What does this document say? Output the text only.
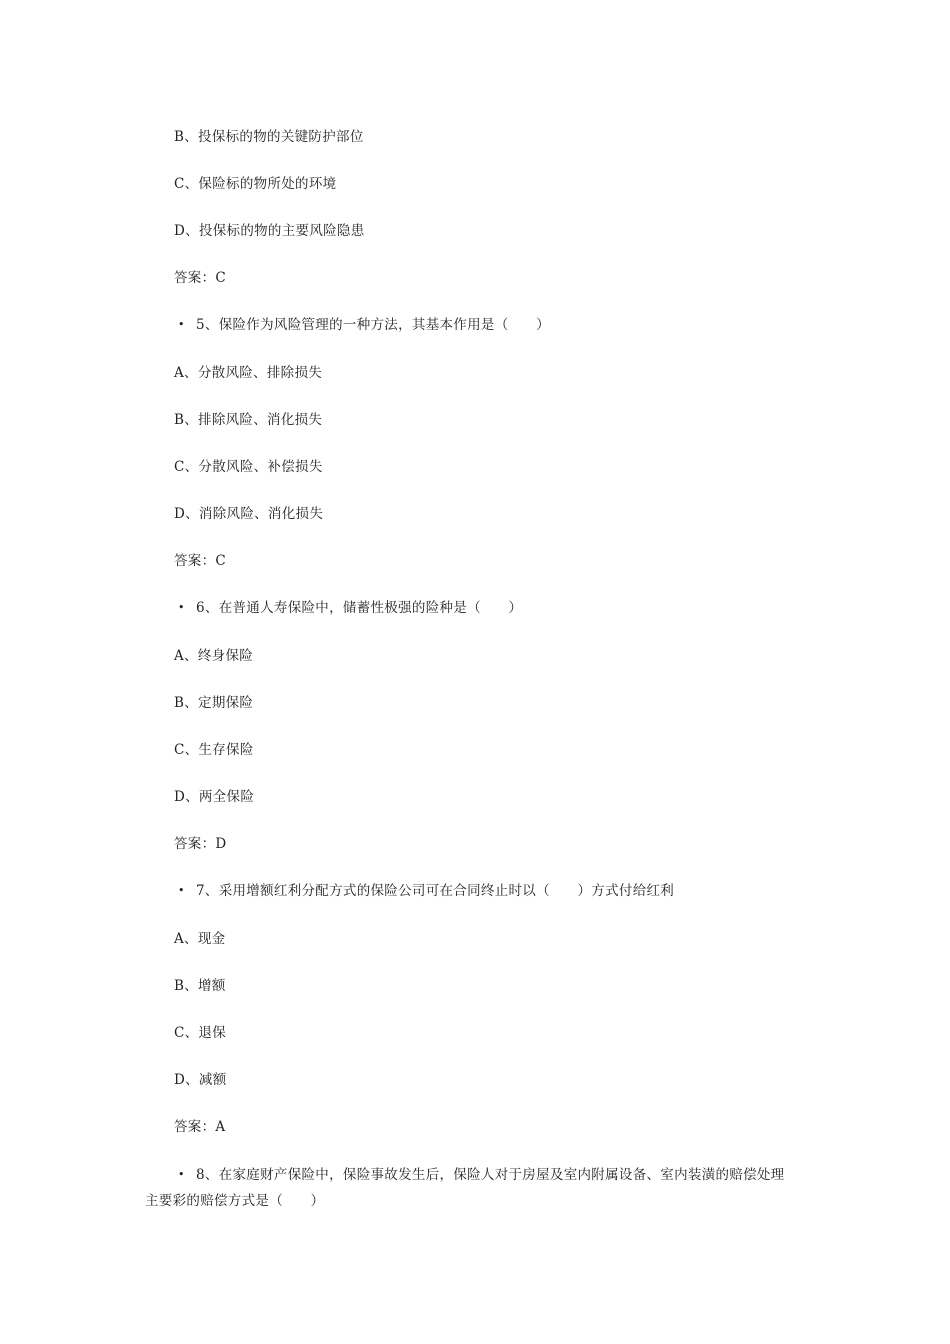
B、投保标的物的关键防护部位
C、保险标的物所处的环境
D、投保标的物的主要风险隐患
答案：C
• 5、保险作为风险管理的一种方法，其基本作用是（　　）
A、分散风险、排除损失
B、排除风险、消化损失
C、分散风险、补偿损失
D、消除风险、消化损失
答案：C
• 6、在普通人寿保险中，储蓄性极强的险种是（　　）
A、终身保险
B、定期保险
C、生存保险
D、两全保险
答案：D
• 7、采用增额红利分配方式的保险公司可在合同终止时以（　　）方式付给红利
A、现金
B、增额
C、退保
D、减额
答案：A
• 8、在家庭财产保险中，保险事故发生后，保险人对于房屋及室内附属设备、室内装潢的赔偿处理
主要彩的赔偿方式是（　　）
